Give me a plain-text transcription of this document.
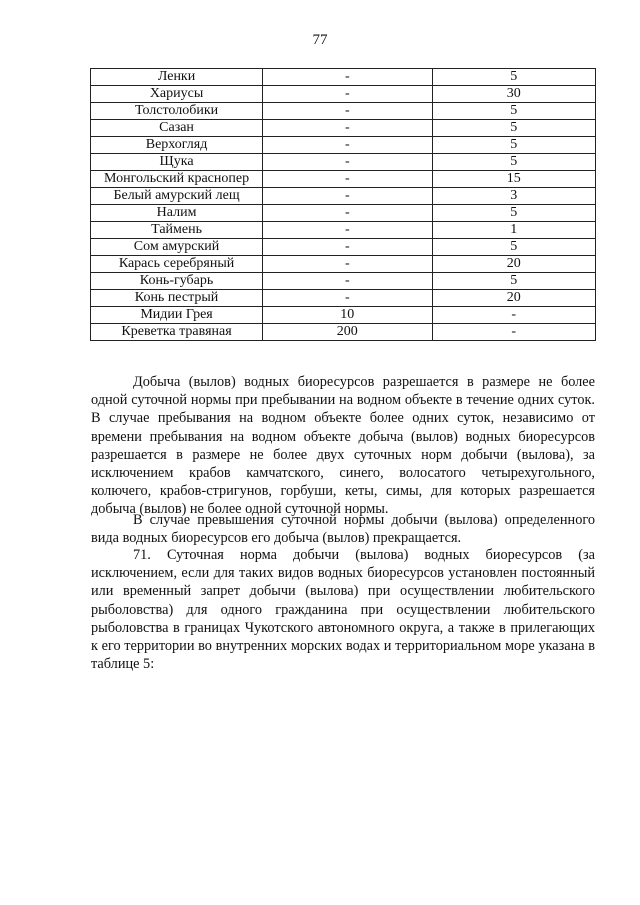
77
Ленки	-	5
Хариусы	-	30
Толстолобики	-	5
Сазан	-	5
Верхогляд	-	5
Щука	-	5
Монгольский краснопер	-	15
Белый амурский лещ	-	3
Налим	-	5
Таймень	-	1
Сом амурский	-	5
Карась серебряный	-	20
Конь-губарь	-	5
Конь пестрый	-	20
Мидии Грея	10	-
Креветка травяная	200	-

Добыча (вылов) водных биоресурсов разрешается в размере не более одной суточной нормы при пребывании на водном объекте в течение одних суток. В случае пребывания на водном объекте более одних суток, независимо от времени пребывания на водном объекте добыча (вылов) водных биоресурсов разрешается в размере не более двух суточных норм добычи (вылова), за исключением крабов камчатского, синего, волосатого четырехугольного, колючего, крабов-стригунов, горбуши, кеты, симы, для которых разрешается добыча (вылов) не более одной суточной нормы.

В случае превышения суточной нормы добычи (вылова) определенного вида водных биоресурсов его добыча (вылов) прекращается.

71. Суточная норма добычи (вылова) водных биоресурсов (за исключением, если для таких видов водных биоресурсов установлен постоянный или временный запрет добычи (вылова) при осуществлении любительского рыболовства) для одного гражданина при осуществлении любительского рыболовства в границах Чукотского автономного округа, а также в прилегающих к его территории во внутренних морских водах и территориальном море указана в таблице 5:
